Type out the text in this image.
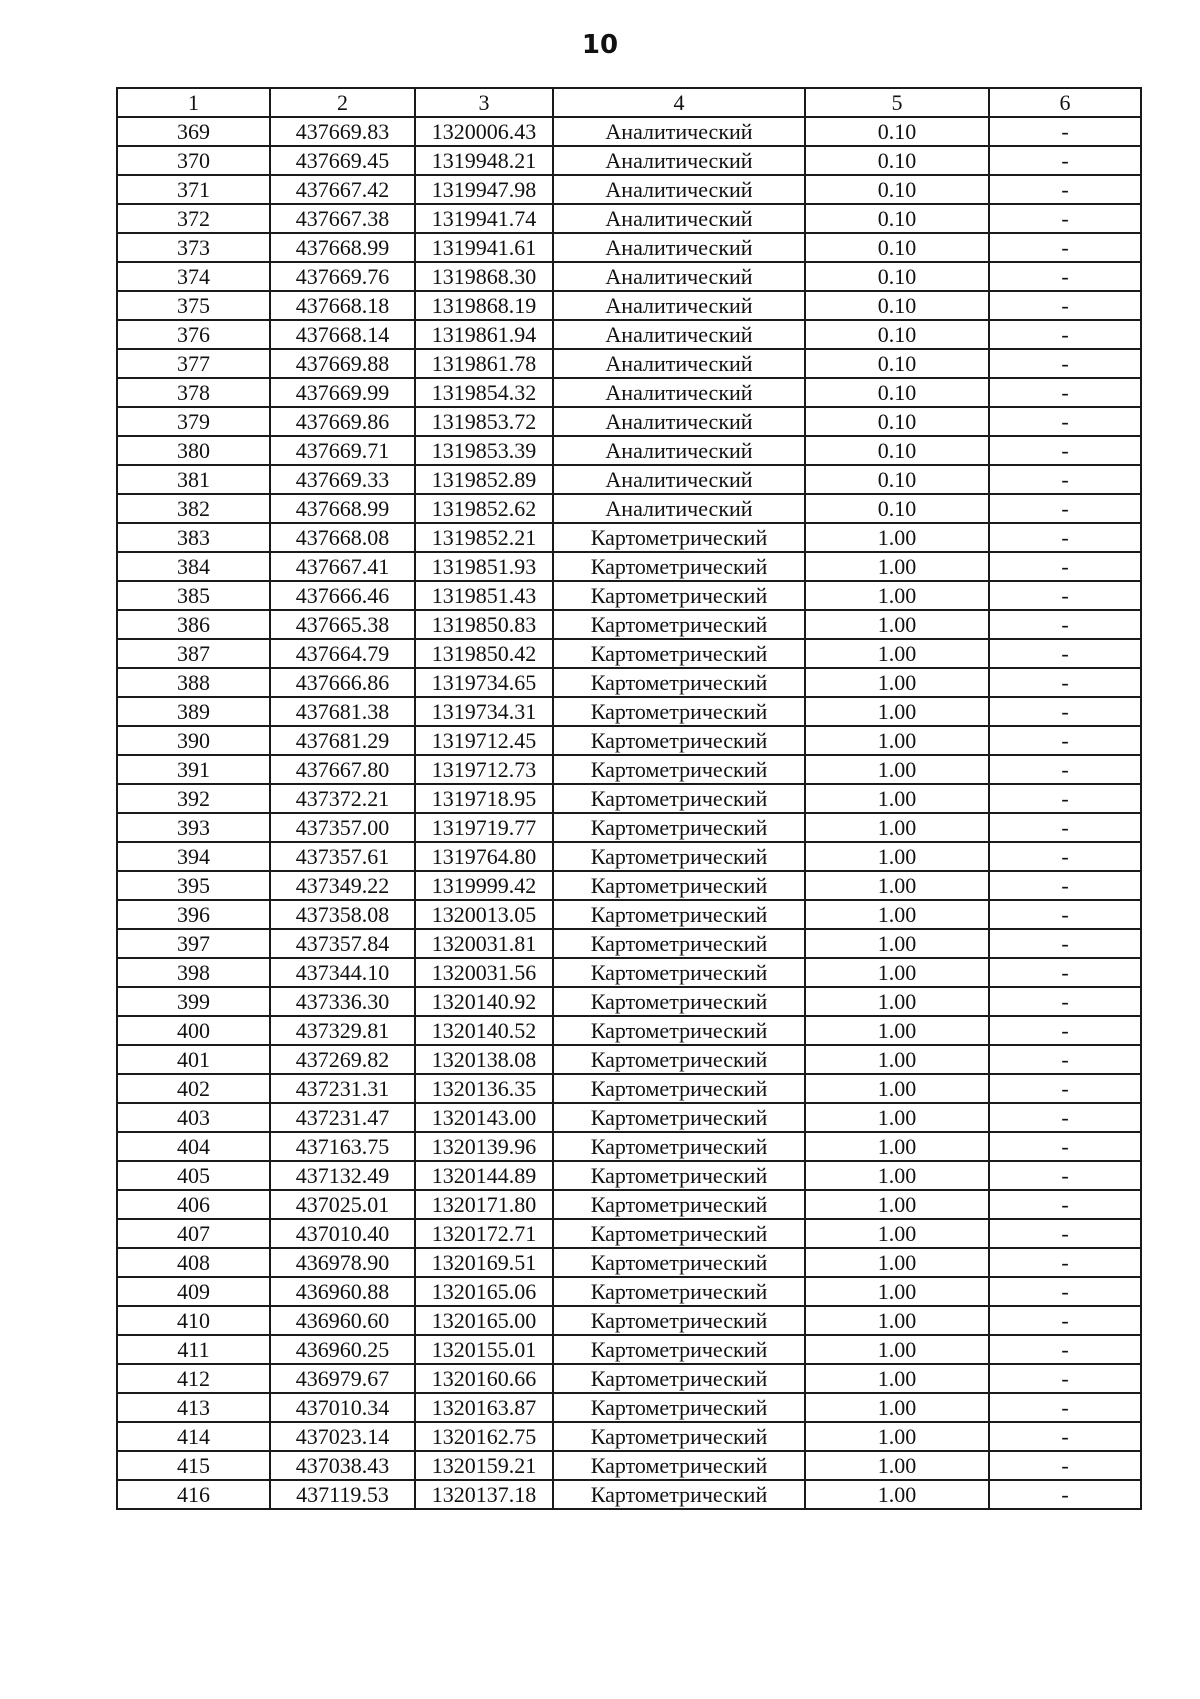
10
1	2	3	4	5	6
369	437669.83	1320006.43	Аналитический	0.10	-
370	437669.45	1319948.21	Аналитический	0.10	-
371	437667.42	1319947.98	Аналитический	0.10	-
372	437667.38	1319941.74	Аналитический	0.10	-
373	437668.99	1319941.61	Аналитический	0.10	-
374	437669.76	1319868.30	Аналитический	0.10	-
375	437668.18	1319868.19	Аналитический	0.10	-
376	437668.14	1319861.94	Аналитический	0.10	-
377	437669.88	1319861.78	Аналитический	0.10	-
378	437669.99	1319854.32	Аналитический	0.10	-
379	437669.86	1319853.72	Аналитический	0.10	-
380	437669.71	1319853.39	Аналитический	0.10	-
381	437669.33	1319852.89	Аналитический	0.10	-
382	437668.99	1319852.62	Аналитический	0.10	-
383	437668.08	1319852.21	Картометрический	1.00	-
384	437667.41	1319851.93	Картометрический	1.00	-
385	437666.46	1319851.43	Картометрический	1.00	-
386	437665.38	1319850.83	Картометрический	1.00	-
387	437664.79	1319850.42	Картометрический	1.00	-
388	437666.86	1319734.65	Картометрический	1.00	-
389	437681.38	1319734.31	Картометрический	1.00	-
390	437681.29	1319712.45	Картометрический	1.00	-
391	437667.80	1319712.73	Картометрический	1.00	-
392	437372.21	1319718.95	Картометрический	1.00	-
393	437357.00	1319719.77	Картометрический	1.00	-
394	437357.61	1319764.80	Картометрический	1.00	-
395	437349.22	1319999.42	Картометрический	1.00	-
396	437358.08	1320013.05	Картометрический	1.00	-
397	437357.84	1320031.81	Картометрический	1.00	-
398	437344.10	1320031.56	Картометрический	1.00	-
399	437336.30	1320140.92	Картометрический	1.00	-
400	437329.81	1320140.52	Картометрический	1.00	-
401	437269.82	1320138.08	Картометрический	1.00	-
402	437231.31	1320136.35	Картометрический	1.00	-
403	437231.47	1320143.00	Картометрический	1.00	-
404	437163.75	1320139.96	Картометрический	1.00	-
405	437132.49	1320144.89	Картометрический	1.00	-
406	437025.01	1320171.80	Картометрический	1.00	-
407	437010.40	1320172.71	Картометрический	1.00	-
408	436978.90	1320169.51	Картометрический	1.00	-
409	436960.88	1320165.06	Картометрический	1.00	-
410	436960.60	1320165.00	Картометрический	1.00	-
411	436960.25	1320155.01	Картометрический	1.00	-
412	436979.67	1320160.66	Картометрический	1.00	-
413	437010.34	1320163.87	Картометрический	1.00	-
414	437023.14	1320162.75	Картометрический	1.00	-
415	437038.43	1320159.21	Картометрический	1.00	-
416	437119.53	1320137.18	Картометрический	1.00	-
